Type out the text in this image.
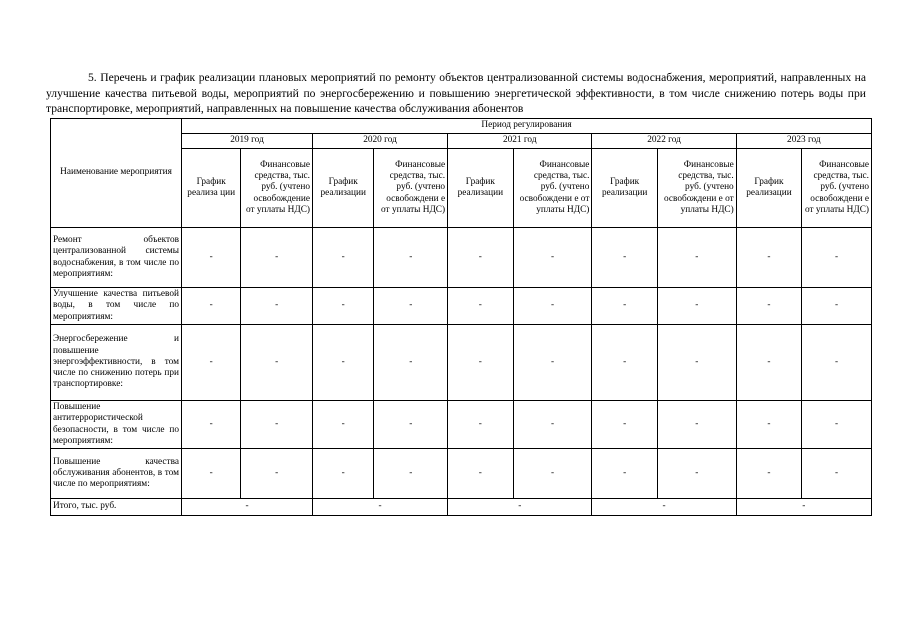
5. Перечень и график реализации плановых мероприятий по ремонту объектов централизованной системы водоснабжения, мероприятий, направленных на улучшение качества питьевой воды, мероприятий по энергосбережению и повышению энергетической эффективности, в том числе снижению потерь воды при транспортировке, мероприятий, направленных на повышение качества обслуживания абонентов
Наименование мероприятия	Период регулирования									
	2019 год		2020 год		2021 год		2022 год		2023 год	
	График реализа ции	Финансовые средства, тыс. руб. (учтено освобождение от уплаты НДС)	График реализации	Финансовые средства, тыс. руб. (учтено освобождени е от уплаты НДС)	График реализации	Финансовые средства, тыс. руб. (учтено освобождени е от уплаты НДС)	График реализации	Финансовые средства, тыс. руб. (учтено освобождени е от уплаты НДС)	График реализации	Финансовые средства, тыс. руб. (учтено освобождени е от уплаты НДС)
Ремонт объектов централизованной системы водоснабжения, в том числе по мероприятиям:	-	-	-	-	-	-	-	-	-	-
Улучшение качества питьевой воды, в том числе по мероприятиям:	-	-	-	-	-	-	-	-	-	-
Энергосбережение и повышение энергоэффективности, в том числе по снижению потерь при транспортировке:	-	-	-	-	-	-	-	-	-	-
Повышение антитеррористической безопасности, в том числе по мероприятиям:	-	-	-	-	-	-	-	-	-	-
Повышение качества обслуживания абонентов, в том числе по мероприятиям:	-	-	-	-	-	-	-	-	-	-
Итого, тыс. руб.	-		-		-		-		-	
